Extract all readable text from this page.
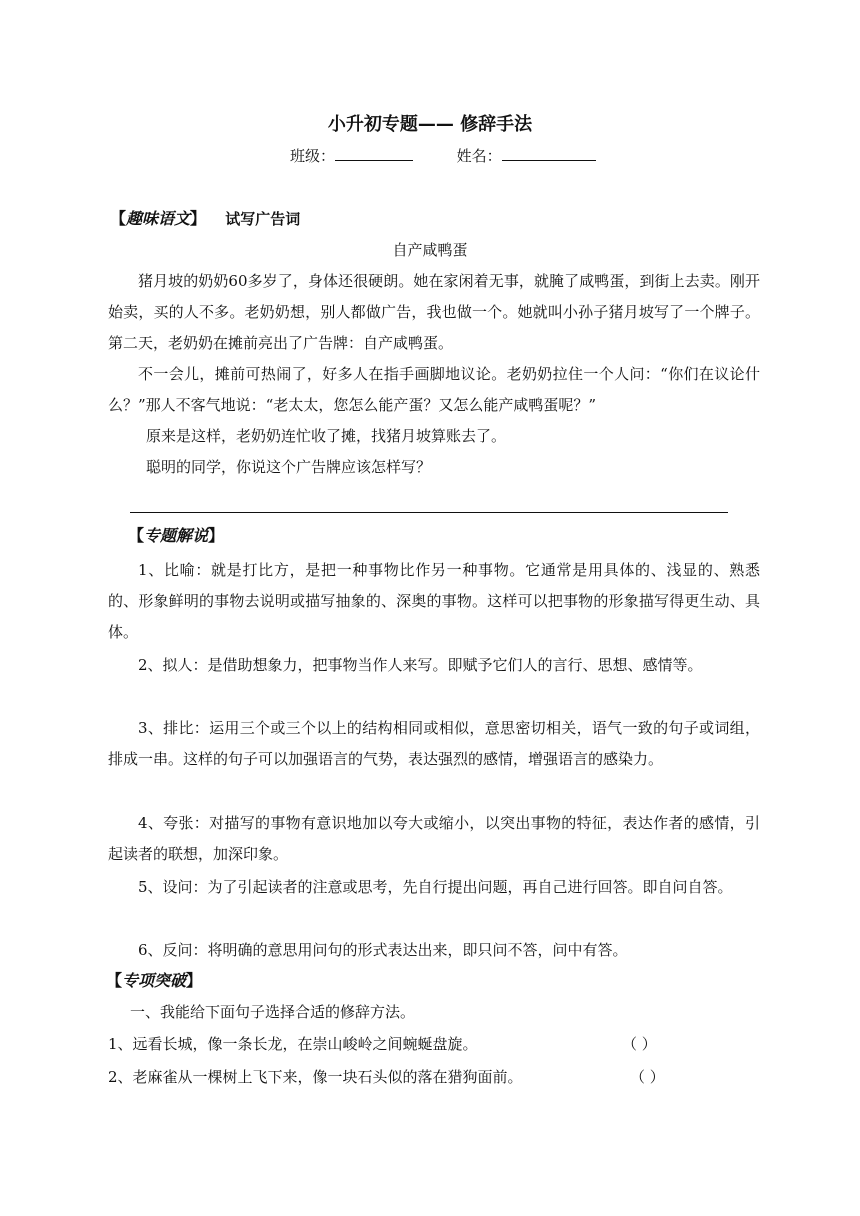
小升初专题—— 修辞手法
班级：	姓名：
【趣味语文】 试写广告词
自产咸鸭蛋
猪月坡的奶奶60多岁了，身体还很硬朗。她在家闲着无事，就腌了咸鸭蛋，到街上去卖。刚开始卖，买的人不多。老奶奶想，别人都做广告，我也做一个。她就叫小孙子猪月坡写了一个牌子。第二天，老奶奶在摊前亮出了广告牌：自产咸鸭蛋。
不一会儿，摊前可热闹了，好多人在指手画脚地议论。老奶奶拉住一个人问：“你们在议论什么？”那人不客气地说：“老太太，您怎么能产蛋？又怎么能产咸鸭蛋呢？”
原来是这样，老奶奶连忙收了摊，找猪月坡算账去了。
聪明的同学，你说这个广告牌应该怎样写？
【专题解说】
1、比喻：就是打比方，是把一种事物比作另一种事物。它通常是用具体的、浅显的、熟悉的、形象鲜明的事物去说明或描写抽象的、深奥的事物。这样可以把事物的形象描写得更生动、具体。
2、拟人：是借助想象力，把事物当作人来写。即赋予它们人的言行、思想、感情等。
3、排比：运用三个或三个以上的结构相同或相似，意思密切相关，语气一致的句子或词组，排成一串。这样的句子可以加强语言的气势，表达强烈的感情，增强语言的感染力。
4、夸张：对描写的事物有意识地加以夸大或缩小，以突出事物的特征，表达作者的感情，引起读者的联想，加深印象。
5、设问：为了引起读者的注意或思考，先自行提出问题，再自己进行回答。即自问自答。
6、反问：将明确的意思用问句的形式表达出来，即只问不答，问中有答。
【专项突破】
一、我能给下面句子选择合适的修辞方法。
1、远看长城，像一条长龙，在崇山峻岭之间蜿蜒盘旋。	（ ）
2、老麻雀从一棵树上飞下来，像一块石头似的落在猎狗面前。	（ ）
